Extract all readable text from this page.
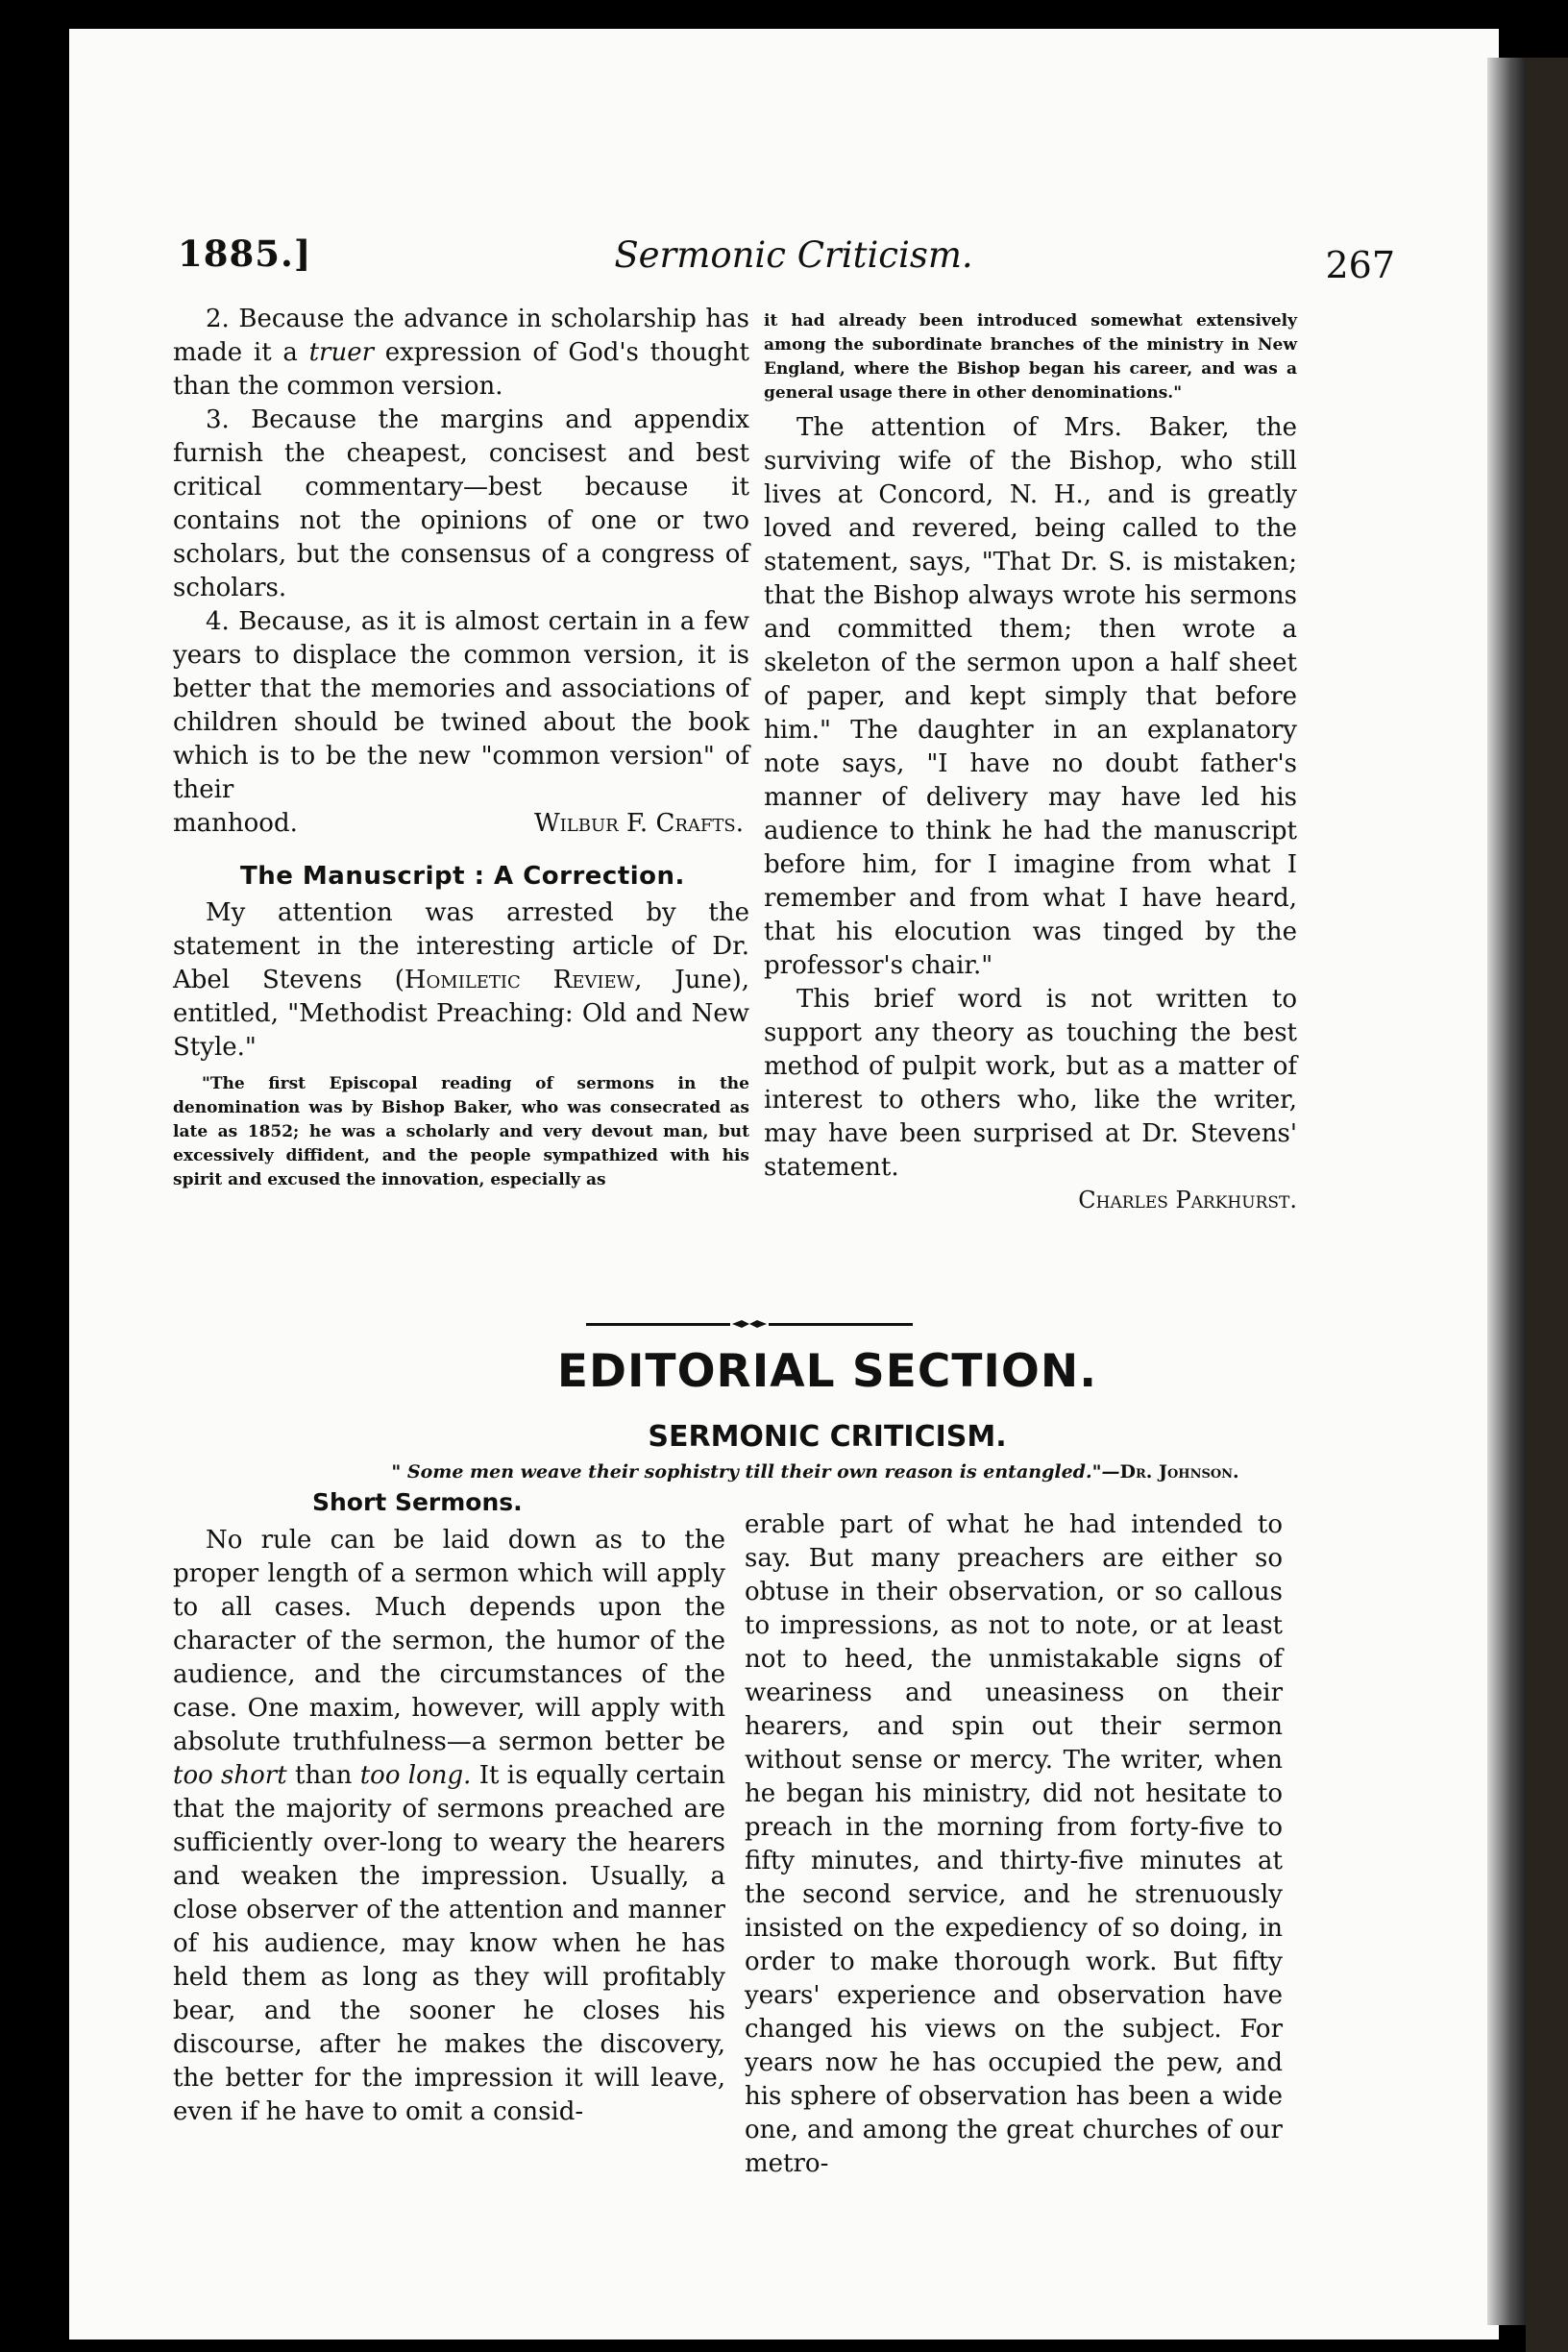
1885.]	Sermonic Criticism.	267

2. Because the advance in scholarship has made it a truer expression of God's thought than the common version.

3. Because the margins and appendix furnish the cheapest, concisest and best critical commentary—best because it contains not the opinions of one or two scholars, but the consensus of a congress of scholars.

4. Because, as it is almost certain in a few years to displace the common version, it is better that the memories and associations of children should be twined about the book which is to be the new "common version" of their

manhood.	Wilbur F. Crafts.
The Manuscript : A Correction.

My attention was arrested by the statement in the interesting article of Dr. Abel Stevens (Homiletic Review, June), entitled, "Methodist Preaching: Old and New Style."

"The first Episcopal reading of sermons in the denomination was by Bishop Baker, who was consecrated as late as 1852; he was a scholarly and very devout man, but excessively diffident, and the people sympathized with his spirit and excused the innovation, especially as

it had already been introduced somewhat extensively among the subordinate branches of the ministry in New England, where the Bishop began his career, and was a general usage there in other denominations."

The attention of Mrs. Baker, the surviving wife of the Bishop, who still lives at Concord, N. H., and is greatly loved and revered, being called to the statement, says, "That Dr. S. is mistaken; that the Bishop always wrote his sermons and committed them; then wrote a skeleton of the sermon upon a half sheet of paper, and kept simply that before him." The daughter in an explanatory note says, "I have no doubt father's manner of delivery may have led his audience to think he had the manuscript before him, for I imagine from what I remember and from what I have heard, that his elocution was tinged by the professor's chair."

This brief word is not written to support any theory as touching the best method of pulpit work, but as a matter of interest to others who, like the writer, may have been surprised at Dr. Stevens' statement.

Charles Parkhurst.
EDITORIAL SECTION.
SERMONIC CRITICISM.
" Some men weave their sophistry till their own reason is entangled."—Dr. Johnson.
Short Sermons.

No rule can be laid down as to the proper length of a sermon which will apply to all cases. Much depends upon the character of the sermon, the humor of the audience, and the circumstances of the case. One maxim, however, will apply with absolute truthfulness—a sermon better be too short than too long. It is equally certain that the majority of sermons preached are sufficiently over-long to weary the hearers and weaken the impression. Usually, a close observer of the attention and manner of his audience, may know when he has held them as long as they will profitably bear, and the sooner he closes his discourse, after he makes the discovery, the better for the impression it will leave, even if he have to omit a consid-

erable part of what he had intended to say. But many preachers are either so obtuse in their observation, or so callous to impressions, as not to note, or at least not to heed, the unmistakable signs of weariness and uneasiness on their hearers, and spin out their sermon without sense or mercy. The writer, when he began his ministry, did not hesitate to preach in the morning from forty-five to fifty minutes, and thirty-five minutes at the second service, and he strenuously insisted on the expediency of so doing, in order to make thorough work. But fifty years' experience and observation have changed his views on the subject. For years now he has occupied the pew, and his sphere of observation has been a wide one, and among the great churches of our metro-
